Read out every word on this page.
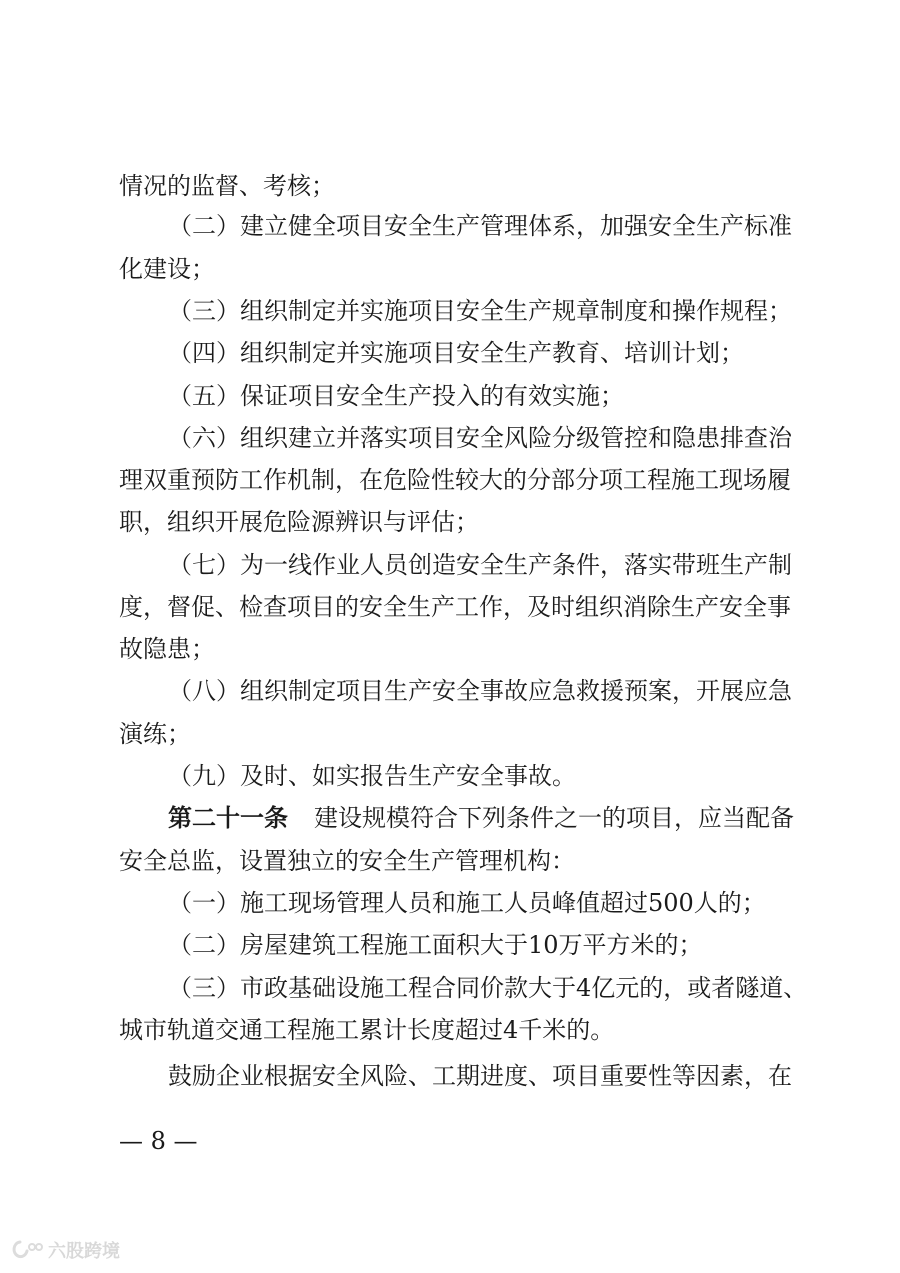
情况的监督、考核；
（二）建立健全项目安全生产管理体系，加强安全生产标准
化建设；
（三）组织制定并实施项目安全生产规章制度和操作规程；
（四）组织制定并实施项目安全生产教育、培训计划；
（五）保证项目安全生产投入的有效实施；
（六）组织建立并落实项目安全风险分级管控和隐患排查治
理双重预防工作机制，在危险性较大的分部分项工程施工现场履
职，组织开展危险源辨识与评估；
（七）为一线作业人员创造安全生产条件，落实带班生产制
度，督促、检查项目的安全生产工作，及时组织消除生产安全事
故隐患；
（八）组织制定项目生产安全事故应急救援预案，开展应急
演练；
（九）及时、如实报告生产安全事故。
第二十一条 建设规模符合下列条件之一的项目，应当配备
安全总监，设置独立的安全生产管理机构：
（一）施工现场管理人员和施工人员峰值超过500人的；
（二）房屋建筑工程施工面积大于10万平方米的；
（三）市政基础设施工程合同价款大于4亿元的，或者隧道、
城市轨道交通工程施工累计长度超过4千米的。
鼓励企业根据安全风险、工期进度、项目重要性等因素，在
— 8 —
六股跨境
